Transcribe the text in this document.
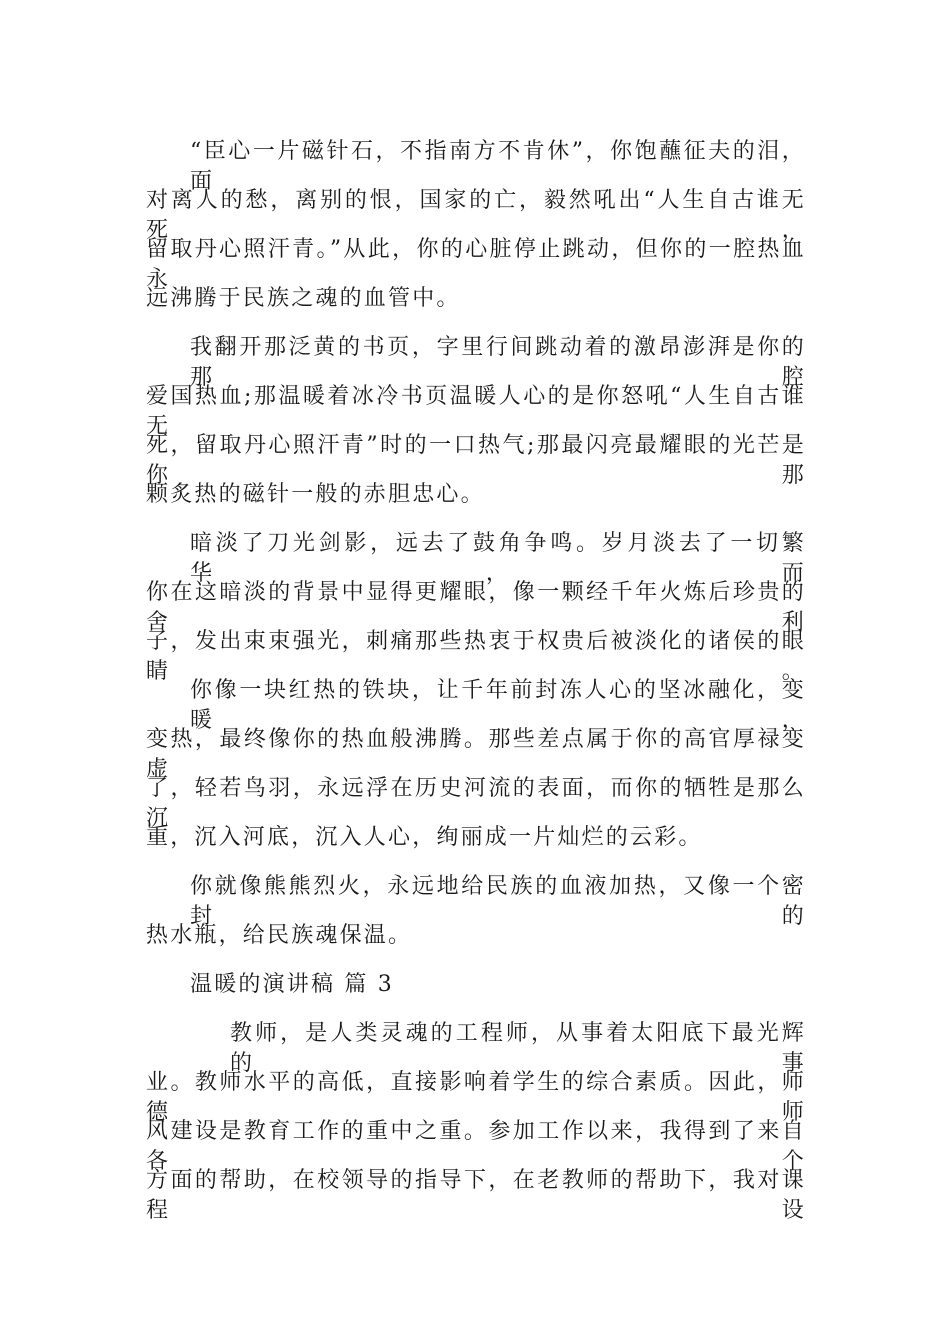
“臣心一片磁针石，不指南方不肯休”，你饱蘸征夫的泪，面
对离人的愁，离别的恨，国家的亡，毅然吼出“人生自古谁无死，
留取丹心照汗青。”从此，你的心脏停止跳动，但你的一腔热血永
远沸腾于民族之魂的血管中。
我翻开那泛黄的书页，字里行间跳动着的激昂澎湃是你的那腔
爱国热血;那温暖着冰冷书页温暖人心的是你怒吼“人生自古谁无
死，留取丹心照汗青”时的一口热气;那最闪亮最耀眼的光芒是你那
颗炙热的磁针一般的赤胆忠心。
暗淡了刀光剑影，远去了鼓角争鸣。岁月淡去了一切繁华，而
你在这暗淡的背景中显得更耀眼，像一颗经千年火炼后珍贵的舍利
子，发出束束强光，刺痛那些热衷于权贵后被淡化的诸侯的眼睛。
你像一块红热的铁块，让千年前封冻人心的坚冰融化，变暖，
变热，最终像你的热血般沸腾。那些差点属于你的高官厚禄变虚
了，轻若鸟羽，永远浮在历史河流的表面，而你的牺牲是那么沉
重，沉入河底，沉入人心，绚丽成一片灿烂的云彩。
你就像熊熊烈火，永远地给民族的血液加热，又像一个密封的
热水瓶，给民族魂保温。
温暖的演讲稿 篇 3
教师，是人类灵魂的工程师，从事着太阳底下最光辉的事
业。教师水平的高低，直接影响着学生的综合素质。因此，师德师
风建设是教育工作的重中之重。参加工作以来，我得到了来自各个
方面的帮助，在校领导的指导下，在老教师的帮助下，我对课程设
